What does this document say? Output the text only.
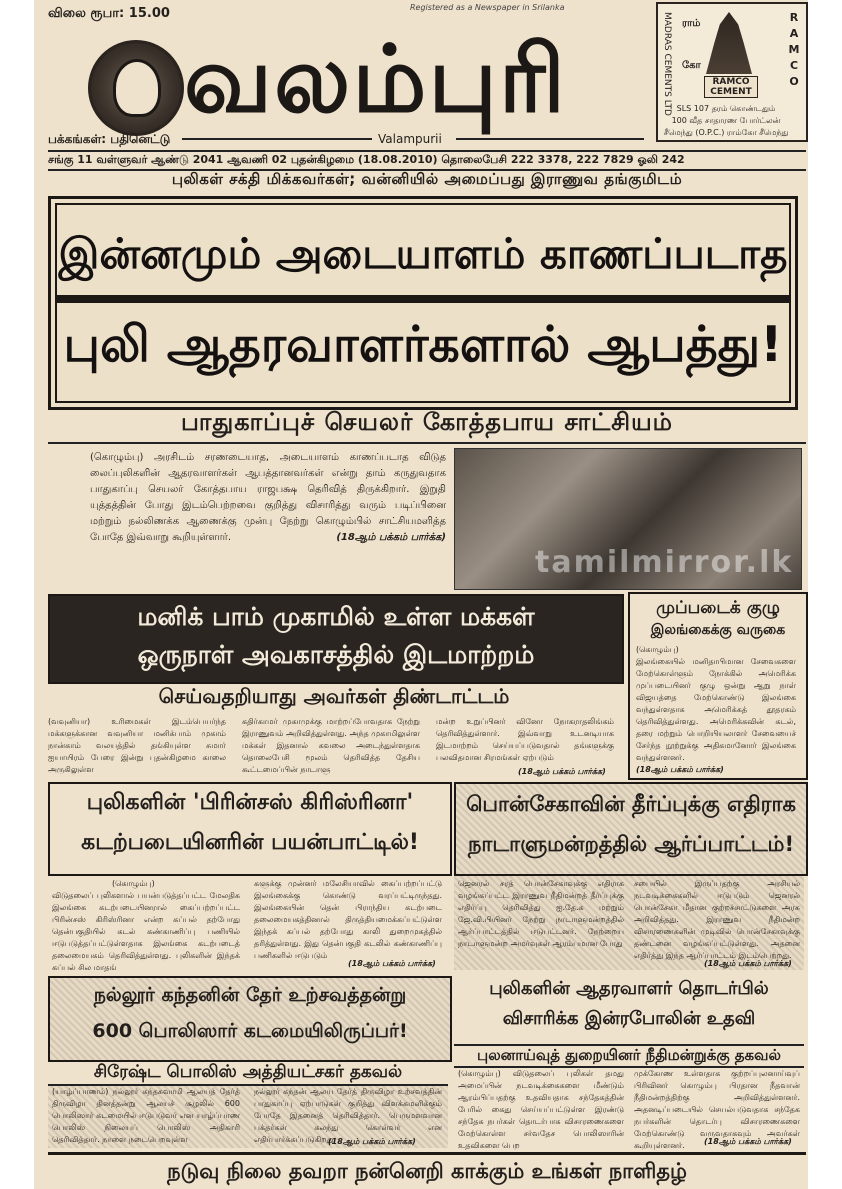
விலை ரூபா: 15.00	Registered as a Newspaper in Srilanka
வலம்புரி
பக்கங்கள்: பதினெட்டு	Valampurii
MADRAS CEMENTS LTD ராம்
கோ
RAMCO CEMENT
R
A
M
C
O
SLS 107 தரம் கொண்டதும்
100 வீத சாதாரண போர்ட்லன்
சீமெந்து (O.P.C.) ராம்கோ சீமெந்து
சங்கு 11 வள்ளுவர் ஆண்டு 2041 ஆவணி 02 புதன்கிழமை (18.08.2010) தொலைபேசி 222 3378, 222 7829 ஓலி 242
புலிகள் சக்தி மிக்கவர்கள்; வன்னியில் அமைப்பது இராணுவ தங்குமிடம்
இன்னமும் அடையாளம் காணப்படாத
புலி ஆதரவாளர்களால் ஆபத்து!
பாதுகாப்புச் செயலர் கோத்தபாய சாட்சியம்
(கொழும்பு) அரசிடம் சரணடையாத, அடையாளம் காணப்படாத விடுத லைப்புலிகளின் ஆதரவாளர்கள் ஆபத்தானவர்கள் என்று தாம் கருதுவதாக பாதுகாப்பு செயலர் கோத்தபாய ராஜபக்ஷ தெரிவித் திருக்கிறார். இறுதி யுத்தத்தின் போது இடம்பெற்றவை குறித்து விசாரித்து வரும் படிப்பினை மற்றும் நல்லிணக்க ஆணைக்கு முன்பு நேற்று கொழும்பில் சாட்சியமளித்த போதே இவ்வாறு கூறியுள்ளார்.	(18ஆம் பக்கம் பார்க்க)
tamilmirror.lk
மனிக் பாம் முகாமில் உள்ள மக்கள்
ஒருநாள் அவகாசத்தில் இடமாற்றம்
செய்வதறியாது அவர்கள் திண்டாட்டம்
(வவுனியா) உரிமைகள் இடம்பெயர்ந்த மக்களுக்கான வவுனியா மனிக்பாம் முகாம் நான்காம் வலயத்தில் தங்கியுள்ள சுமார் ஐயாயிரம் பேரை இன்று புதன்கிழமை காலை அருகிலுள்ள
கதிர்காமர் முகாமுக்கு மாற்றப்போவதாக நேற்று இராணுவம் அறிவித்துள்ளது. அந்த முகாமிலுள்ள மக்கள் இதனால் கவலை அடைந்துள்ளதாக தொலைபேசி மூலம் தெரிவித்த தேசிய கூட்டமைப்பின் நாடாளு
மன்ற உறுப்பினர் வினோ நோகராதலிங்கம் தெரிவித்துள்ளார். இவ்வாறு உடனடியாக இடமாற்றம் செய்யப்படுவதால் தங்களுக்கு பலவிதமான சிரமங்கள் ஏற்படும்
(18ஆம் பக்கம் பார்க்க)
முப்படைக் குழு
இலங்கைக்கு வருகை
(கொழும்பு)
இலங்கையில் மனிதாபிமான சேவைகளை மேற்கொள்ளும் நோக்கில் அமெரிக்க முப்படையினர் குழு ஒன்று ஆறு நாள் விஜயத்தை மேற்கொண்டு இலங்கை வந்துள்ளதாக அமெரிக்கத் தூதரகம் தெரிவித்துள்ளது. அமெரிக்கவின் கடல், தரை மற்றும் பொறியியலாளர் சேவையைச் சேர்ந்த நூற்றுக்கு அதிகமானோர் இலங்கை வந்துள்ளனர்.
(18ஆம் பக்கம் பார்க்க)
புலிகளின் 'பிரின்சஸ் கிரிஸ்ரினா'
கடற்படையினரின் பயன்பாட்டில்!
பொன்சேகாவின் தீர்ப்புக்கு எதிராக
நாடாளுமன்றத்தில் ஆர்ப்பாட்டம்!
(கொழும்பு)
விடுதலைப் புலிகளால் பயன்படுத்தப்பட்ட மேலதிக இலங்கை கடற்படையினரால் கைப்பற்றப்பட்ட பிரின்சஸ் கிரிஸ்ரினா என்ற கப்பல் தற்போது தென்பகுதியில் கடல் கண்காணிப்பு பணியில் ஈடுபடுத்தப்பட்டுள்ளதாக இலங்கை கடற்படைத் தலைமையகம் தெரிவித்துள்ளது. புலிகளின் இந்தக் கப்பல் சில மாதங்
களுக்கு முன்னர் மலேசியாவில் கைப்பற்றப்பட்டு இலங்கைக்கு கொண்டு வரப்பட்டிருந்தது. இலங்கையின் தென் பிராந்திய கடற்படை தலைமையகத்தினால் திருத்தியமைக்கப்பட்டுள்ள இந்தக் கப்பல் தற்போது காலி துறைமுகத்தில் தரித்துள்ளது. இது தென்பகுதி கடலில் கண்காணிப்பு பணிகளில் ஈடுபடும்
(18ஆம் பக்கம் பார்க்க)
ஜெனரல் சரத் பொன்சேகாவுக்கு எதிராக வழங்கப்பட்ட இராணுவ நீதிமன்றத் தீர்ப்புக்கு எதிர்ப்பு தெரிவித்து ஐ.தே.க மற்றும் ஜே.வி.பியினர் நேற்று நாடாளுமன்றத்தில் ஆர்ப்பாட்டத்தில் ஈடுபட்டனர். நேற்றைய நாடாளுமன்ற அமர்வுகள் ஆரம்பமான போது
சபையில் இருப்பதற்கு அரசியல் நடவடிக்கைகளில் ஈடுபடும் ஜெனரல் பொன்சேகா மீதான குற்றச்சாட்டுகளை அரசு அறிவித்தது. இராணுவ நீதிமன்ற விசாரணைகளின் முடிவில் பொன்சேகாவுக்கு தண்டனை வழங்கப்பட்டுள்ளது. அதனை எதிர்த்து இந்த ஆர்ப்பாட்டம் இடம்பெற்றது.
(18ஆம் பக்கம் பார்க்க)
நல்லூர் கந்தனின் தேர் உற்சவத்தன்று
600 பொலிஸார் கடமையிலிருப்பர்!
சிரேஷ்ட பொலிஸ் அத்தியட்சகர் தகவல்
(யாழ்ப்பாணம்) நல்லூர் கந்தசுவாமி ஆலயத் தேர்த் திருவிழா தினத்தன்று ஆலயச் சூழலில் 600 பொலிஸார் கடமையில் ஈடுபடுவர் என யாழ்ப்பாண பொலிஸ் நிலையப் பொலிஸ் அதிகாரி தெரிவித்தார். நாளை நடைபெறவுள்ள
நல்லூர் கந்தன் ஆலய தேர்த் திருவிழா உற்சவத்தின் பாதுகாப்பு ஏற்பாடுகள் குறித்து விளக்கமளிக்கும் போதே இதனைத் தெரிவித்தார். பெருமளவான பக்தர்கள் கலந்து கொள்வர் என எதிர்பார்க்கப்படுகிறது.
(18ஆம் பக்கம் பார்க்க)
புலிகளின் ஆதரவாளர் தொடர்பில்
விசாரிக்க இன்ரபோலின் உதவி
புலனாய்வுத் துறையினர் நீதிமன்றுக்கு தகவல்
(கொழும்பு) விடுதலைப் புலிகள் தமது அமைப்பின் நடவடிக்கைகளை மீண்டும் ஆரம்பிப்பதற்கு உதவியதாக சந்தேகத்தின் பேரில் கைது செய்யப்பட்டுள்ள இரண்டு சந்தேக நபர்கள் தொடர்பாக விசாரணைகளை மேற்கொள்ள சர்வதேச பொலிஸாரின் உதவிகளை பெற
முக்கோண உள்ளதாக குற்றப்புலனாய்வுப் பிரிவினர் கொழும்பு பிரதான நீதவான் நீதிமன்றத்திற்கு அறிவித்துள்ளனர். அதனடிப்படையில் செயல்படுவதாக சந்தேக நபர்களின் தொடர்பு விசாரணைகளை மேற்கொண்டு வருவதாகவும் அவர்கள் கூறியுள்ளனர்.	(18ஆம் பக்கம் பார்க்க)
நடுவு நிலை தவறா நன்னெறி காக்கும் உங்கள் நாளிதழ்
